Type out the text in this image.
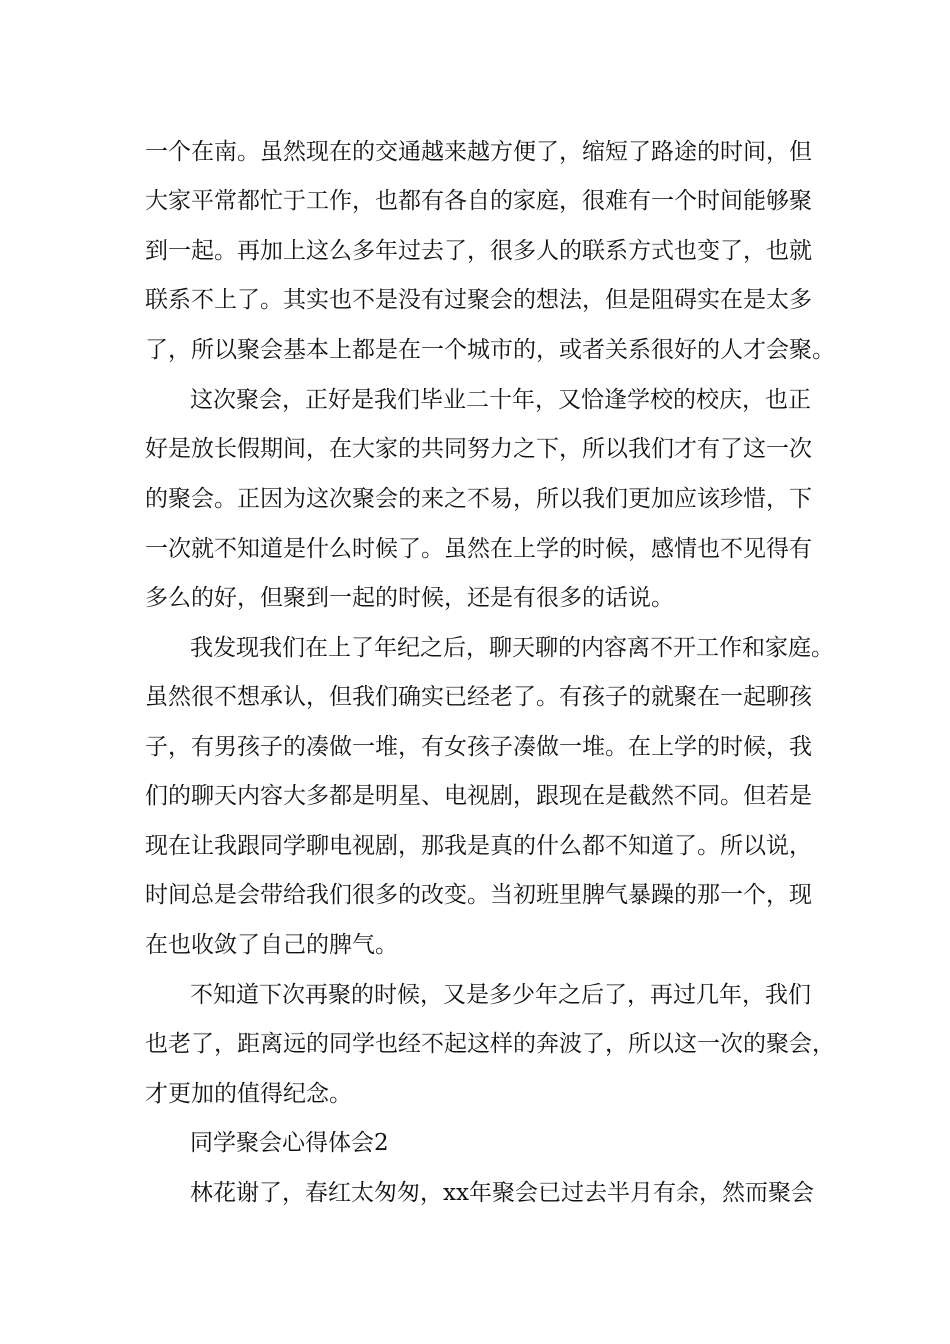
一个在南。虽然现在的交通越来越方便了，缩短了路途的时间，但
大家平常都忙于工作，也都有各自的家庭，很难有一个时间能够聚
到一起。再加上这么多年过去了，很多人的联系方式也变了，也就
联系不上了。其实也不是没有过聚会的想法，但是阻碍实在是太多
了，所以聚会基本上都是在一个城市的，或者关系很好的人才会聚。
这次聚会，正好是我们毕业二十年，又恰逢学校的校庆，也正
好是放长假期间，在大家的共同努力之下，所以我们才有了这一次
的聚会。正因为这次聚会的来之不易，所以我们更加应该珍惜，下
一次就不知道是什么时候了。虽然在上学的时候，感情也不见得有
多么的好，但聚到一起的时候，还是有很多的话说。
我发现我们在上了年纪之后，聊天聊的内容离不开工作和家庭。
虽然很不想承认，但我们确实已经老了。有孩子的就聚在一起聊孩
子，有男孩子的凑做一堆，有女孩子凑做一堆。在上学的时候，我
们的聊天内容大多都是明星、电视剧，跟现在是截然不同。但若是
现在让我跟同学聊电视剧，那我是真的什么都不知道了。所以说，
时间总是会带给我们很多的改变。当初班里脾气暴躁的那一个，现
在也收敛了自己的脾气。
不知道下次再聚的时候，又是多少年之后了，再过几年，我们
也老了，距离远的同学也经不起这样的奔波了，所以这一次的聚会，
才更加的值得纪念。
同学聚会心得体会2
林花谢了，春红太匆匆，xx年聚会已过去半月有余，然而聚会
